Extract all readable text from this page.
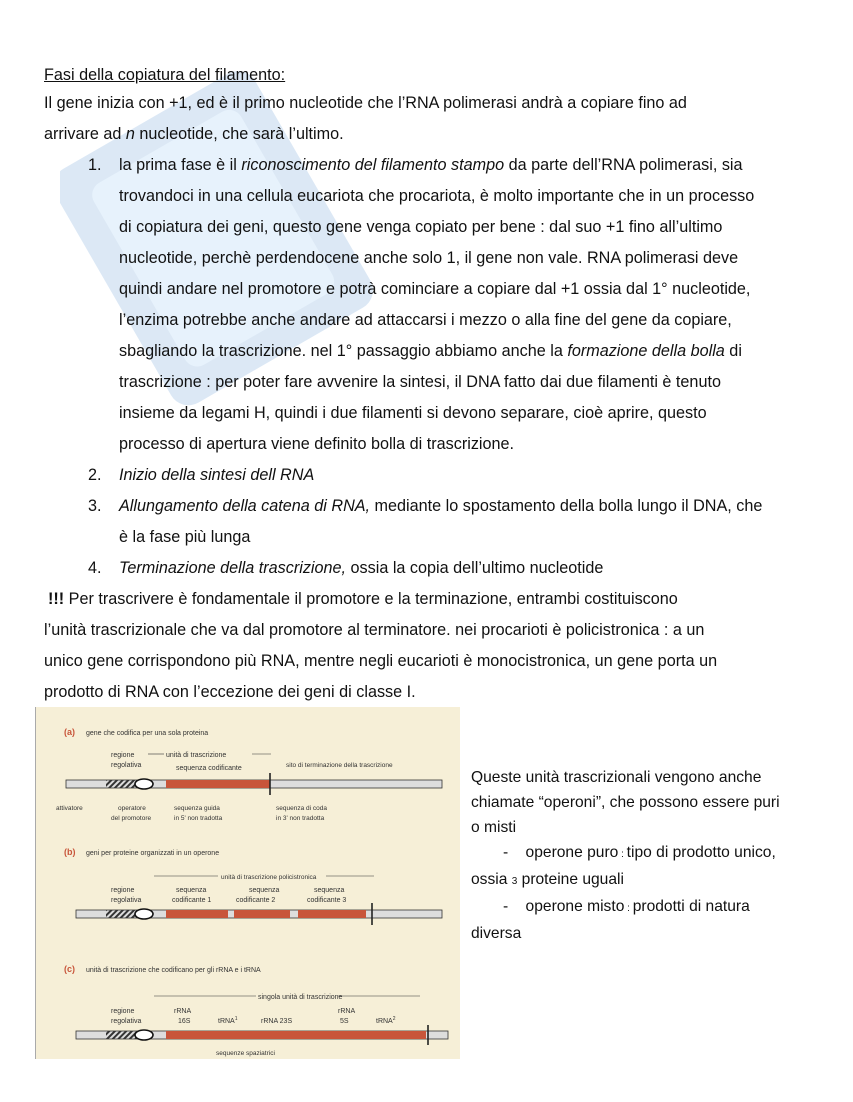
Fasi della copiatura del filamento:
Il gene inizia con +1, ed è il primo nucleotide che l’RNA polimerasi andrà a copiare fino ad
arrivare ad n nucleotide, che sarà l’ultimo.
1.	la prima fase è il riconoscimento del filamento stampo da parte dell’RNA polimerasi, sia
trovandoci in una cellula eucariota che procariota, è molto importante che in un processo
di copiatura dei geni, questo gene venga copiato per bene : dal suo +1 fino all’ultimo
nucleotide, perchè perdendocene anche solo 1, il gene non vale. RNA polimerasi deve
quindi andare nel promotore e potrà cominciare a copiare dal +1 ossia dal 1° nucleotide,
l’enzima potrebbe anche andare ad attaccarsi i mezzo o alla fine del gene da copiare,
sbagliando la trascrizione. nel 1° passaggio abbiamo anche la formazione della bolla di
trascrizione : per poter fare avvenire la sintesi, il DNA fatto dai due filamenti è tenuto
insieme da legami H, quindi i due filamenti si devono separare, cioè aprire, questo
processo di apertura viene definito bolla di trascrizione.
2.	Inizio della sintesi dell RNA
3.	Allungamento della catena di RNA, mediante lo spostamento della bolla lungo il DNA, che
è la fase più lunga
4.	Terminazione della trascrizione, ossia la copia dell’ultimo nucleotide
!!! Per trascrivere è fondamentale il promotore e la terminazione, entrambi costituiscono
l’unità trascrizionale che va dal promotore al terminatore. nei procarioti è policistronica : a un
unico gene corrispondono più RNA, mentre negli eucarioti è monocistronica, un gene porta un
prodotto di RNA con l’eccezione dei geni di classe I.
(a) gene che codifica per una sola proteina
regione
regolativa
unità di trascrizione
sequenza codificante	sito di terminazione della trascrizione
attivatore	operatore
del promotore
sequenza guida
in 5' non tradotta
sequenza di coda
in 3' non tradotta
(b) geni per proteine organizzati in un operone
unità di trascrizione policistronica
regione
regolativa
sequenza
codificante 1
sequenza
codificante 2
sequenza
codificante 3
(c) unità di trascrizione che codificano per gli rRNA e i tRNA
singola unità di trascrizione
regione
regolativa
rRNA
16S	tRNA$^1$	rRNA 23S
rRNA
5S	tRNA$^2$
sequenze spaziatrici
Queste unità trascrizionali vengono anche
chiamate “operoni”, che possono essere puri
o misti
- operone puro : tipo di prodotto unico,
ossia 3 proteine uguali
- operone misto : prodotti di natura
diversa
